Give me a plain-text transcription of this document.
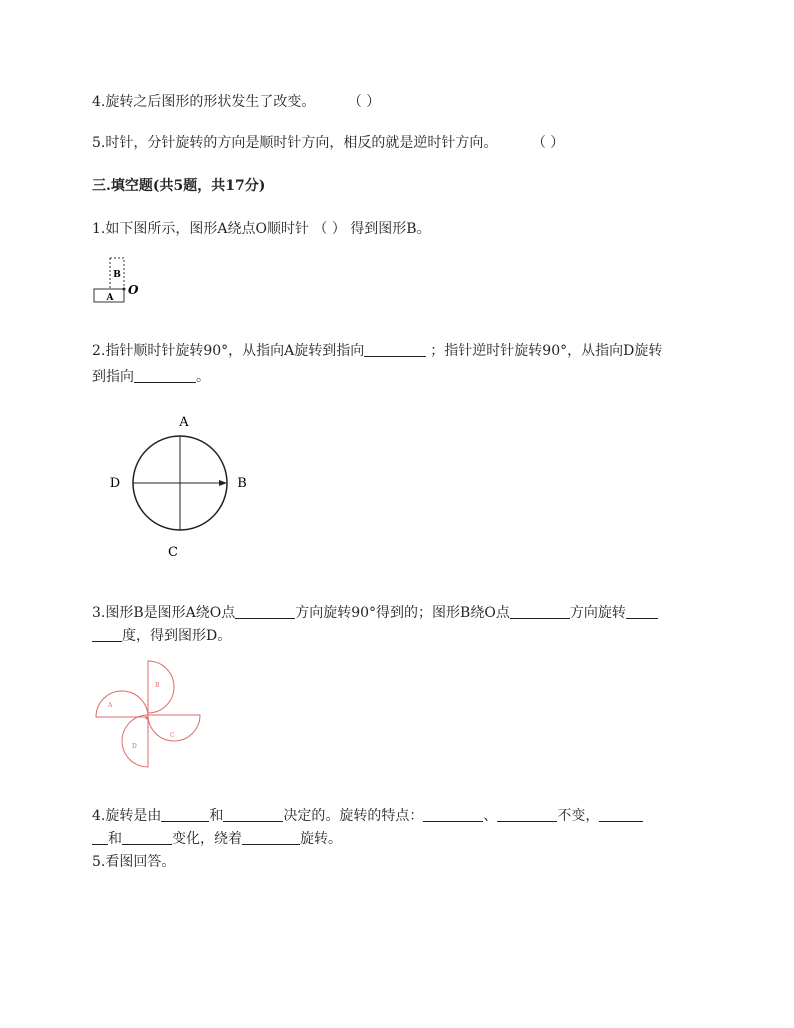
4.旋转之后图形的形状发生了改变。 （ ）
5.时针，分针旋转的方向是顺时针方向，相反的就是逆时针方向。 （ ）
三.填空题(共5题，共17分)
1.如下图所示，图形A绕点O顺时针 （ ） 得到图形B。
B
A
O
2.指针顺时针旋转90°，从指向A旋转到指向	；指针逆时针旋转90°，从指向D旋转
到指向	。
A
D	B
C
3.图形B是图形A绕O点	方向旋转90°得到的；图形B绕O点	方向旋转
度，得到图形D。
A
B
C
D
4.旋转是由	和	决定的。旋转的特点：	、	不变，
和	变化，绕着	旋转。
5.看图回答。
